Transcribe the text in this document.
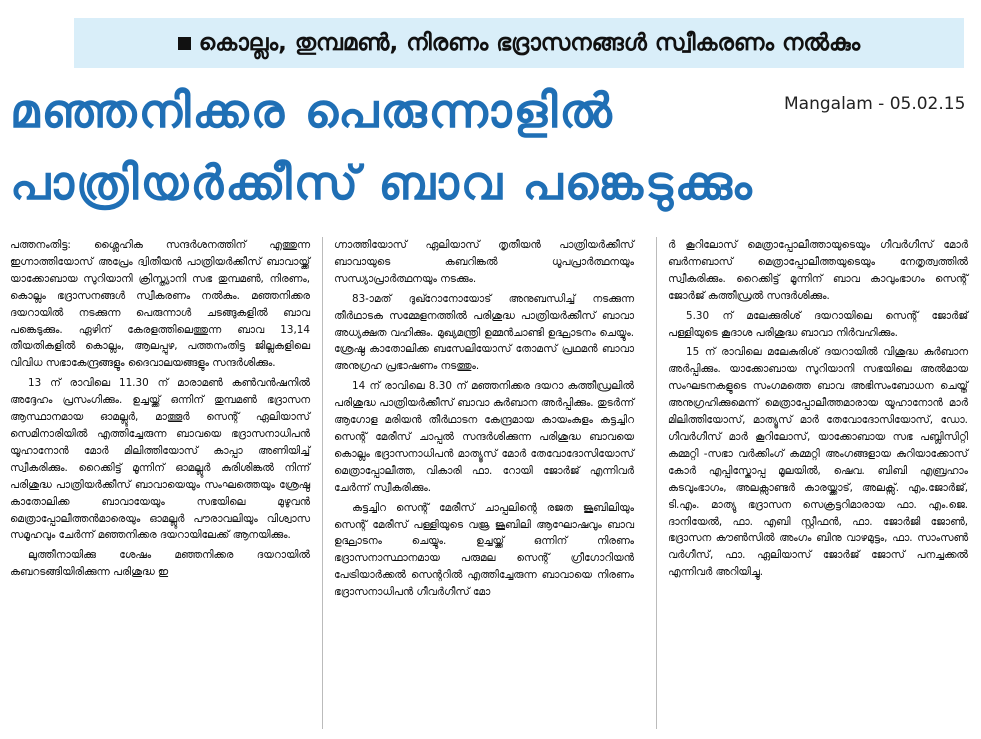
കൊല്ലം, തുമ്പമൺ, നിരണം ഭദ്രാസനങ്ങൾ സ്വീകരണം നൽകും
മഞ്ഞനിക്കര പെരുന്നാളിൽ
പാത്രിയർക്കീസ് ബാവ പങ്കെടുക്കും
Mangalam - 05.02.15

പത്തനംതിട്ട: ശ്ലൈഹിക സന്ദർശനത്തിന് എത്തുന്ന ഇഗ്നാത്തിയോസ് അപ്രേം ദ്വിതീയൻ പാത്രിയർക്കീസ് ബാവായ്ക്ക് യാക്കോബായ സുറിയാനി ക്രിസ്ത്യാനി സഭ തുമ്പമൺ, നിരണം, കൊല്ലം ഭദ്രാസനങ്ങൾ സ്വീകരണം നൽകും. മഞ്ഞനിക്കര ദയറായിൽ നടക്കുന്ന പെരുന്നാൾ ചടങ്ങുകളിൽ ബാവ പങ്കെടുക്കും. ഏഴിന് കേരളത്തിലെത്തുന്ന ബാവ 13,14 തീയതികളിൽ കൊല്ലം, ആലപ്പുഴ, പത്തനംതിട്ട ജില്ലകളിലെ വിവിധ സഭാകേന്ദ്രങ്ങളും ദൈവാലയങ്ങളും സന്ദർശിക്കും.

13 ന് രാവിലെ 11.30 ന് മാരാമൺ കൺവൻഷനിൽ അദ്ദേഹം പ്രസംഗിക്കും. ഉച്ചയ്ക്ക് ഒന്നിന് തുമ്പമൺ ഭദ്രാസന ആസ്ഥാനമായ ഓമല്ലൂർ, മാത്തൂർ സെന്റ് ഏലിയാസ് സെമിനാരിയിൽ എത്തിച്ചേരുന്ന ബാവയെ ഭദ്രാസനാധിപൻ യൂഹാനോൻ മോർ മിലിത്തിയോസ് കാപ്പാ അണിയിച്ച് സ്വീകരിക്കും. റൈക്കിട്ട് മൂന്നിന് ഓമല്ലൂർ കുരിശിങ്കൽ നിന്ന് പരിശുദ്ധ പാത്രിയർക്കീസ് ബാവായെയും സംഘത്തെയും ശ്രേഷ്ഠ കാതോലിക്ക ബാവായേയും സഭയിലെ മുഴുവൻ മെത്രാപ്പോലീത്തൻമാരെയും ഓമല്ലൂർ പൗരാവലിയും വിശ്വാസ സമൂഹവും ചേർന്ന് മഞ്ഞനിക്കര ദയറായിലേക്ക് ആനയിക്കും.

ലുത്തീനായിക്കു ശേഷം മഞ്ഞനിക്കര ദയറായിൽ കബറടങ്ങിയിരിക്കുന്ന പരിശുദ്ധ ഇ

ഗ്നാത്തിയോസ് ഏലിയാസ് തൃതീയൻ പാത്രിയർക്കീസ് ബാവായുടെ കബറിങ്കൽ ധൂപപ്രാർത്ഥനയും സന്ധ്യാപ്രാർത്ഥനയും നടക്കും.

83-ാമത് ദുഖ്റോനോയോട് അനുബന്ധിച്ച് നടക്കുന്ന തീർഥാടക സമ്മേളനത്തിൽ പരിശുദ്ധ പാത്രിയർക്കീസ് ബാവാ അധ്യക്ഷത വഹിക്കും. മുഖ്യമന്ത്രി ഉമ്മൻചാണ്ടി ഉദ്ഘാടനം ചെയ്യും. ശ്രേഷ്ഠ കാതോലിക്ക ബസേലിയോസ് തോമസ് പ്രഥമൻ ബാവാ അനുഗ്രഹ പ്രഭാഷണം നടത്തും.

14 ന് രാവിലെ 8.30 ന് മഞ്ഞനിക്കര ദയറാ കത്തീഡ്രലിൽ പരിശുദ്ധ പാത്രിയർക്കീസ് ബാവാ കുർബാന അർപ്പിക്കും. തുടർന്ന് ആഗോള മരിയൻ തീർഥാടന കേന്ദ്രമായ കായംകുളം കട്ടച്ചിറ സെന്റ് മേരീസ് ചാപ്പൽ സന്ദർശിക്കുന്ന പരിശുദ്ധ ബാവയെ കൊല്ലം ഭദ്രാസനാധിപൻ മാത്യൂസ് മോർ തേവോദോസിയോസ് മെത്രാപ്പോലീത്ത, വികാരി ഫാ. റോയി ജോർജ് എന്നിവർ ചേർന്ന് സ്വീകരിക്കും.

കട്ടച്ചിറ സെന്റ് മേരീസ് ചാപ്പലിന്റെ രജത ജൂബിലിയും സെന്റ് മേരീസ് പള്ളിയുടെ വജ്ര ജൂബിലി ആഘോഷവും ബാവ ഉദ്ഘാടനം ചെയ്യും. ഉച്ചയ്ക്ക് ഒന്നിന് നിരണം ഭദ്രാസനാസ്ഥാനമായ പരുമല സെന്റ് ഗ്രീഗോറിയൻ പേട്രിയാർക്കൽ സെന്ററിൽ എത്തിച്ചേരുന്ന ബാവായെ നിരണം ഭദ്രാസനാധിപൻ ഗീവർഗീസ് മോ

ർ കൂറിലോസ് മെത്രാപ്പോലീത്തായുടെയും ഗീവർഗീസ് മോർ ബർന്നബാസ് മെത്രാപ്പോലീത്തയുടെയും നേതൃത്വത്തിൽ സ്വീകരിക്കും. റൈക്കിട്ട് മൂന്നിന് ബാവ കാവുംഭാഗം സെന്റ് ജോർജ് കത്തീഡ്രൽ സന്ദർശിക്കും.

5.30 ന് മലേക്കുരിശ് ദയറായിലെ സെന്റ് ജോർജ് പള്ളിയുടെ കൂദാശ പരിശുദ്ധ ബാവാ നിർവഹിക്കും.

15 ന് രാവിലെ മലേകുരിശ് ദയറായിൽ വിശുദ്ധ കുർബാന അർപ്പിക്കും. യാക്കോബായ സുറിയാനി സഭയിലെ അൽമായ സംഘടനകളുടെ സംഗമത്തെ ബാവ അഭിസംബോധന ചെയ്ത് അനുഗ്രഹിക്കുമെന്ന് മെത്രാപ്പോലീത്തമാരായ യൂഹാനോൻ മാർ മിലിത്തിയോസ്, മാത്യൂസ് മാർ തേവോദോസിയോസ്, ഡോ. ഗീവർഗീസ് മാർ കൂറിലോസ്, യാക്കോബായ സഭ പബ്ലിസിറ്റി കമ്മറ്റി -സഭാ വർക്കിംഗ് കമ്മറ്റി അംഗങ്ങളായ കുറിയാക്കോസ് കോർ എപ്പിസ്കോപ്പ മൂലയിൽ, ഷെവ. ബിബി എബ്രഹാം കടവുംഭാഗം, അലക്സാണ്ടർ കാരയ്ക്കാട്, അലക്സ്. എം.ജോർജ്, ടി.എം. മാത്യു ഭദ്രാസന സെക്രട്ടറിമാരായ ഫാ. എം.ജെ. ദാനിയേൽ, ഫാ. എബി സ്റ്റീഫൻ, ഫാ. ജോർജി ജോൺ, ഭദ്രാസന കൗൺസിൽ അംഗം ബിനു വാഴമുട്ടം, ഫാ. സാംസൺ വർഗീസ്, ഫാ. ഏലിയാസ് ജോർജ് ജോസ് പനച്ചക്കൽ എന്നിവർ അറിയിച്ചു.
